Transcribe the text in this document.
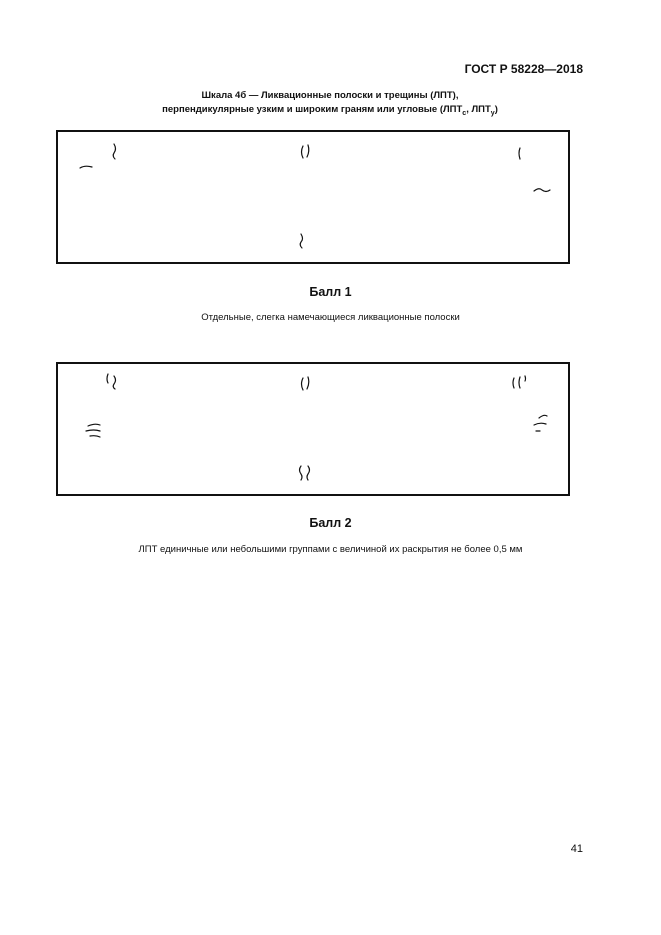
ГОСТ Р 58228—2018
Шкала 4б — Ликвационные полоски и трещины (ЛПТ),
перпендикулярные узким и широким граням или угловые ($ЛПТ_с$, $ЛПТ_у$)
Балл 1
Отдельные, слегка намечающиеся ликвационные полоски
Балл 2
ЛПТ единичные или небольшими группами с величиной их раскрытия не более 0,5 мм
41
